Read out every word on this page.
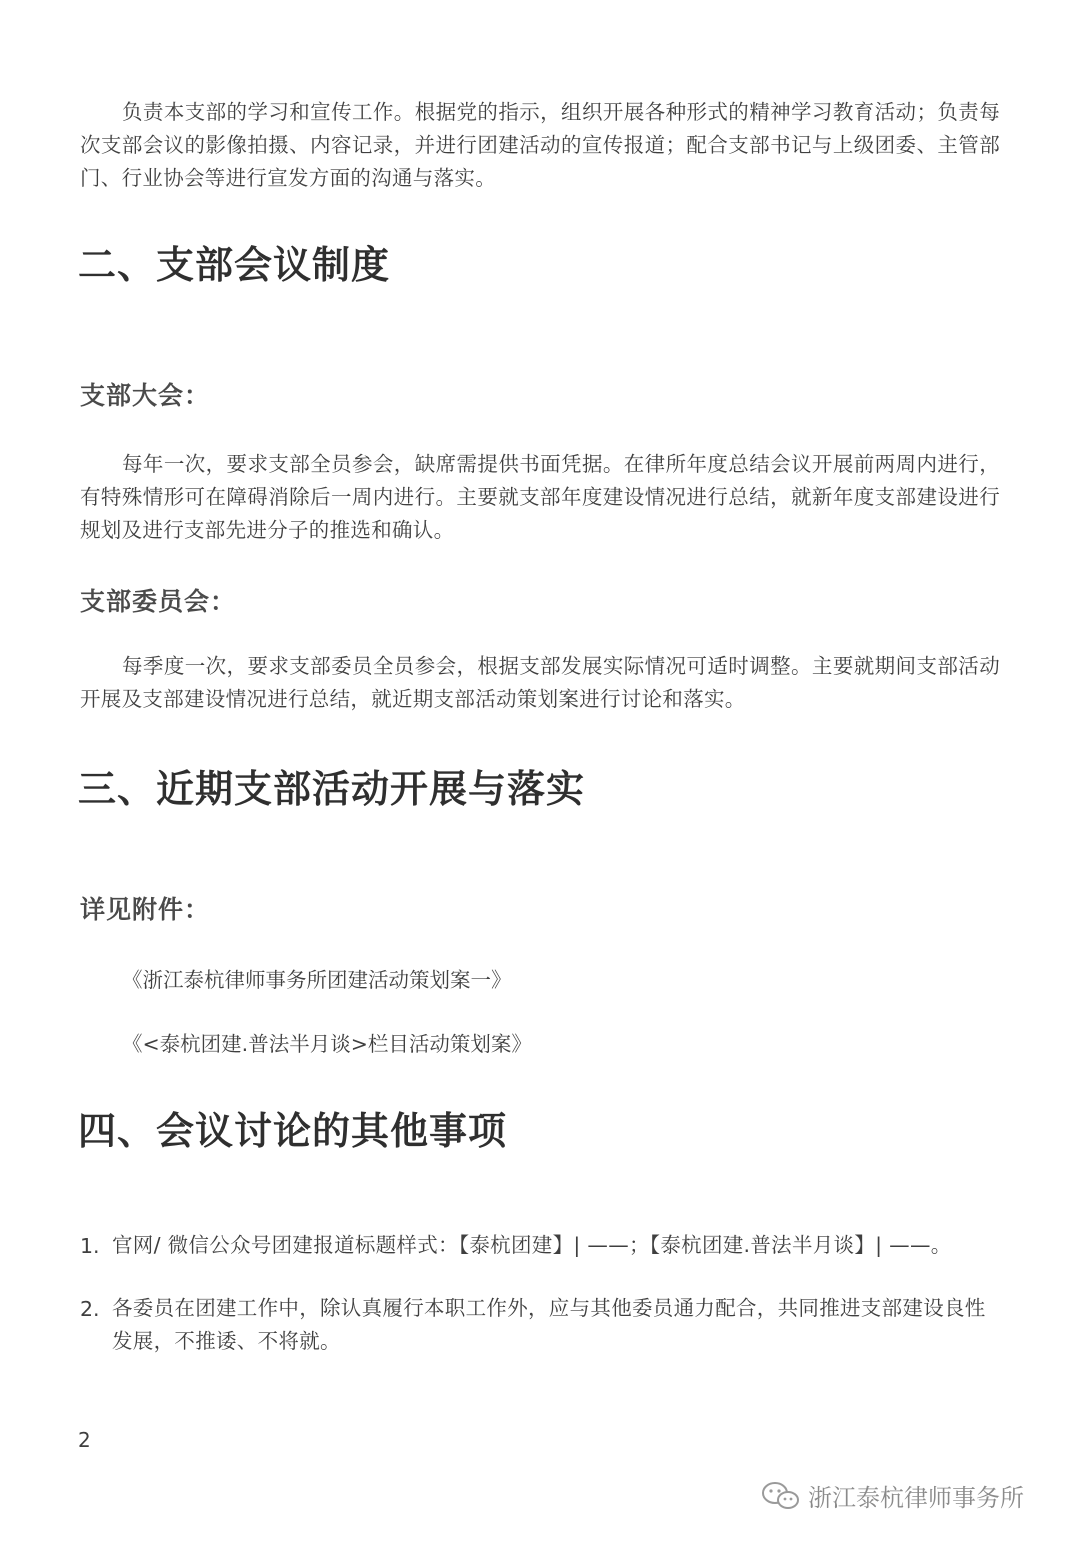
负责本支部的学习和宣传工作。根据党的指示，组织开展各种形式的精神学习教育活动；负责每次支部会议的影像拍摄、内容记录，并进行团建活动的宣传报道；配合支部书记与上级团委、主管部门、行业协会等进行宣发方面的沟通与落实。
二、支部会议制度
支部大会：
每年一次，要求支部全员参会，缺席需提供书面凭据。在律所年度总结会议开展前两周内进行，有特殊情形可在障碍消除后一周内进行。主要就支部年度建设情况进行总结，就新年度支部建设进行规划及进行支部先进分子的推选和确认。
支部委员会：
每季度一次，要求支部委员全员参会，根据支部发展实际情况可适时调整。主要就期间支部活动开展及支部建设情况进行总结，就近期支部活动策划案进行讨论和落实。
三、近期支部活动开展与落实
详见附件：
《浙江泰杭律师事务所团建活动策划案一》
《<泰杭团建.普法半月谈>栏目活动策划案》
四、会议讨论的其他事项
1. 官网/ 微信公众号团建报道标题样式：【泰杭团建】| ——；【泰杭团建.普法半月谈】| ——。
2. 各委员在团建工作中，除认真履行本职工作外，应与其他委员通力配合，共同推进支部建设良性发展，不推诿、不将就。
2
浙江泰杭律师事务所
